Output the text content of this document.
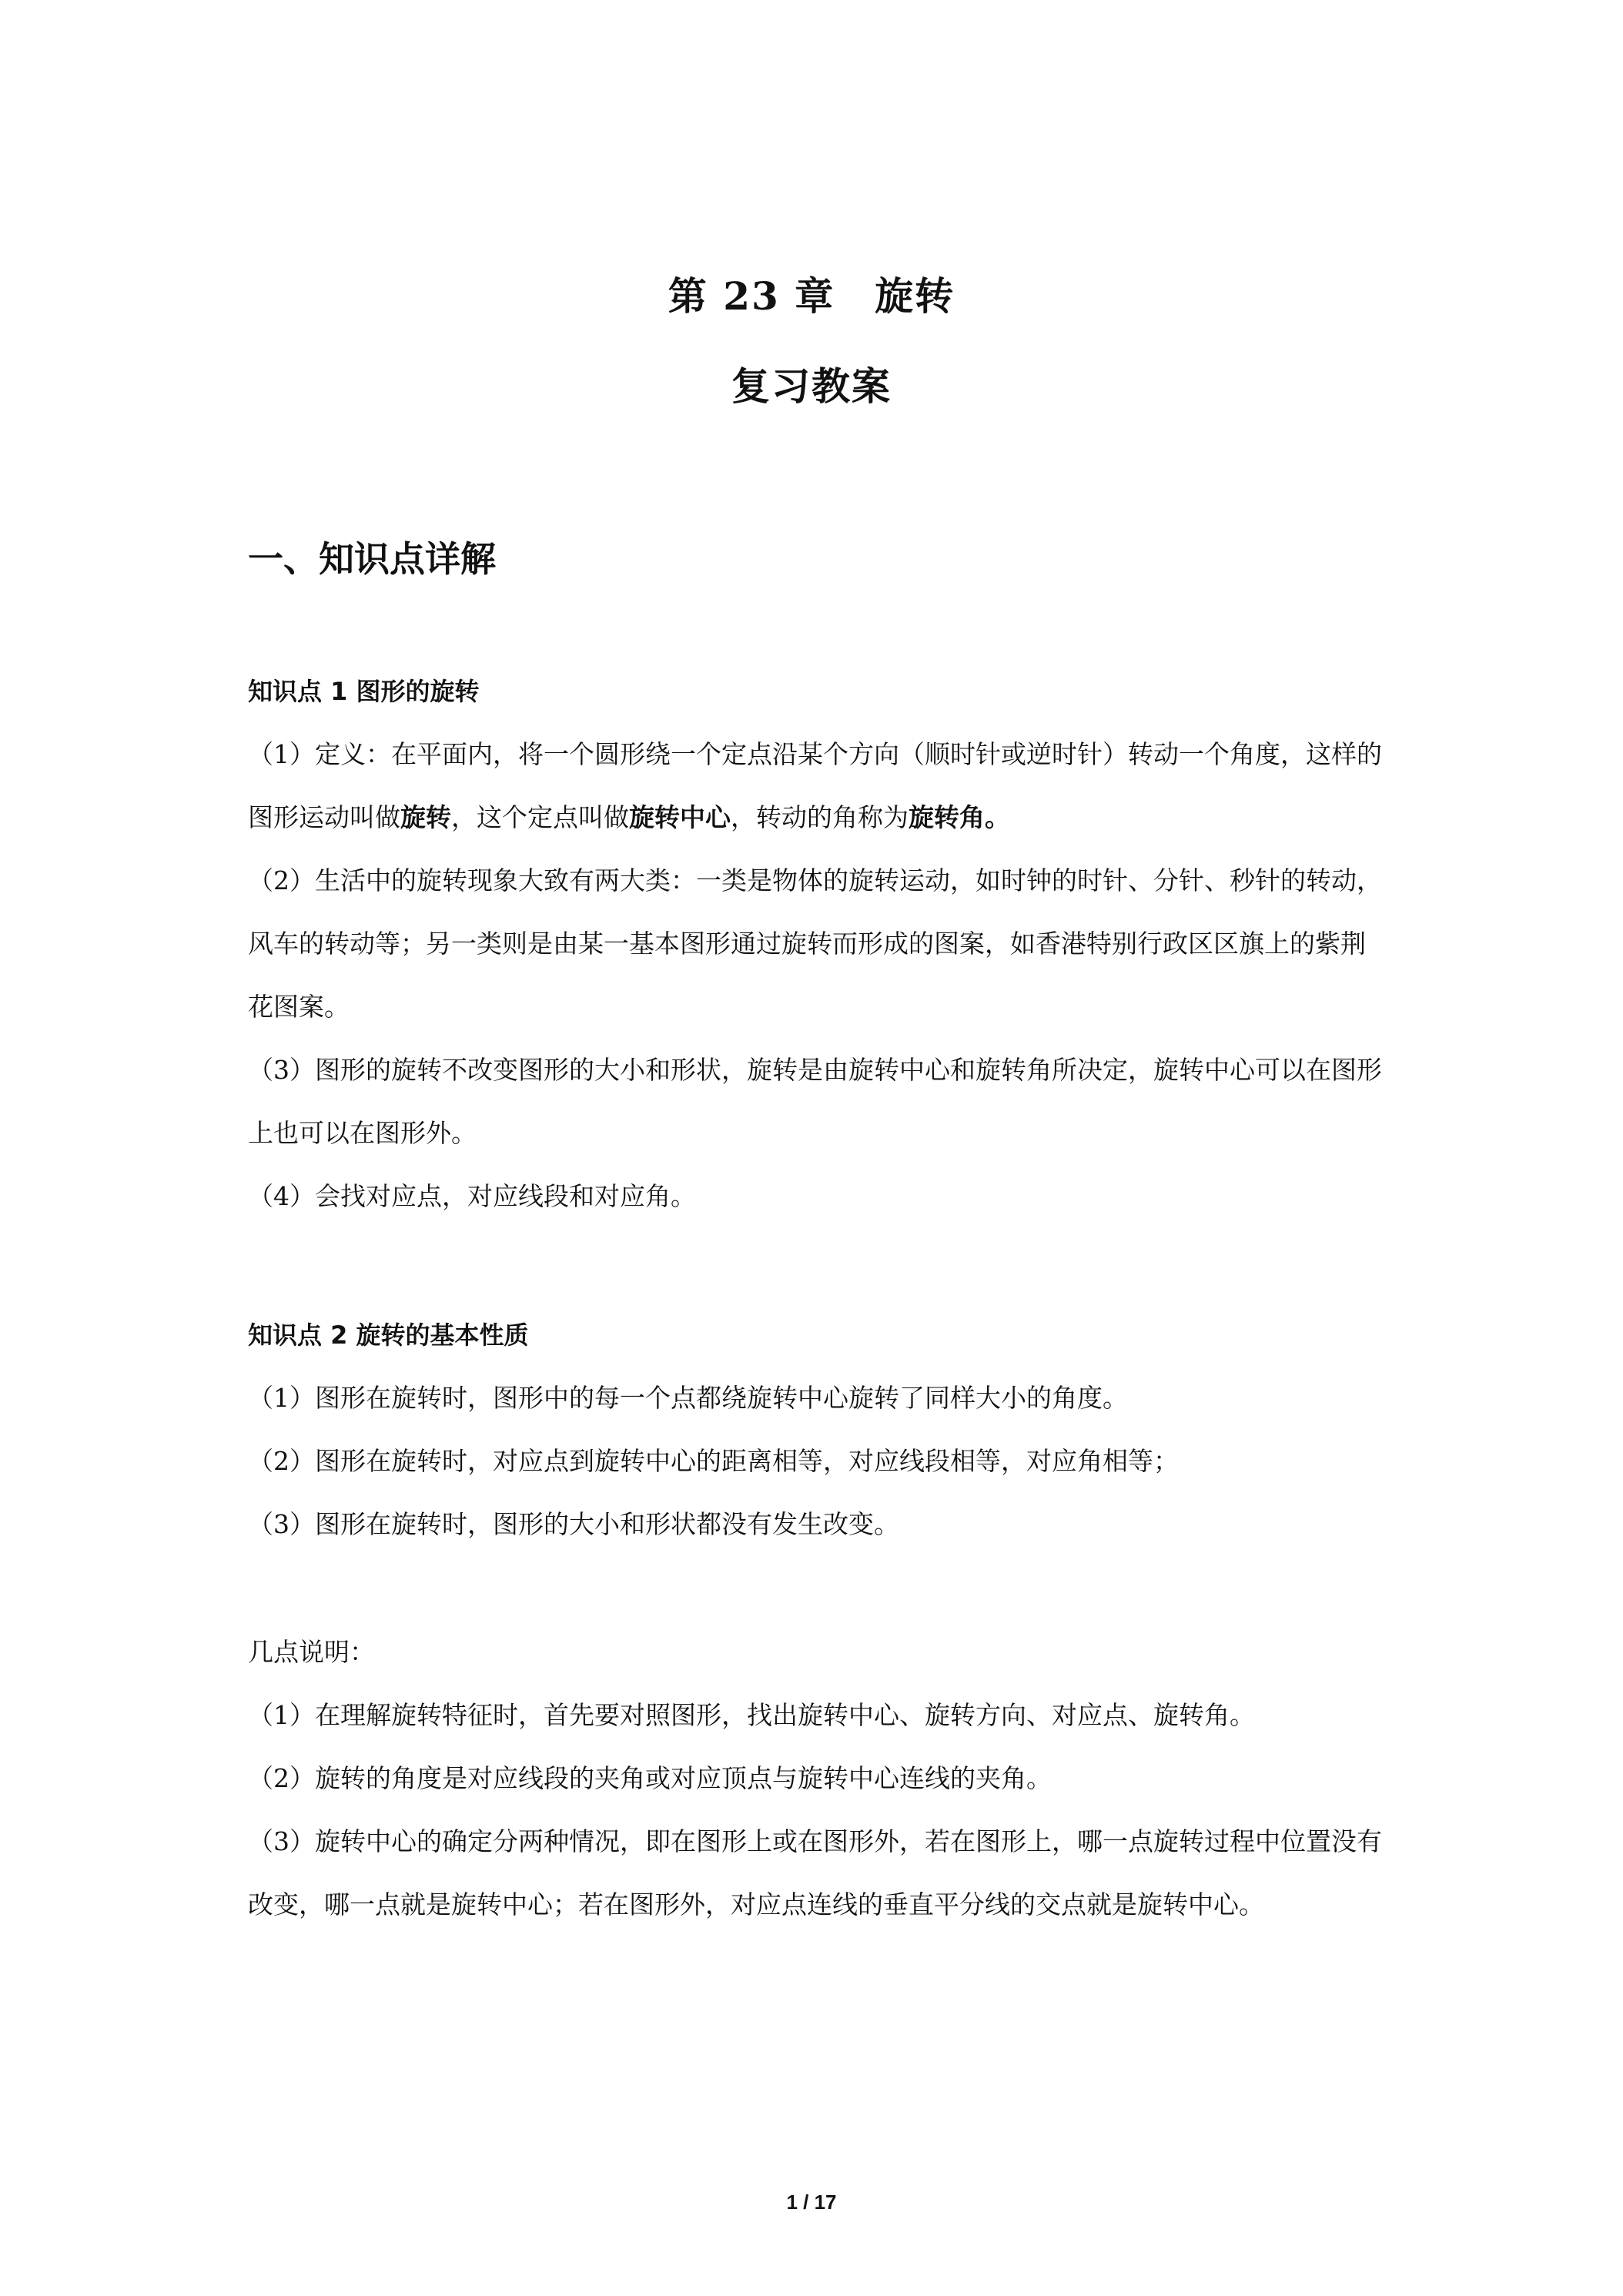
第 23 章　旋转
复习教案
一、知识点详解

知识点 1 图形的旋转

（1）定义：在平面内，将一个圆形绕一个定点沿某个方向（顺时针或逆时针）转动一个角度，这样的图形运动叫做旋转，这个定点叫做旋转中心，转动的角称为旋转角。

（2）生活中的旋转现象大致有两大类：一类是物体的旋转运动，如时钟的时针、分针、秒针的转动，风车的转动等；另一类则是由某一基本图形通过旋转而形成的图案，如香港特别行政区区旗上的紫荆花图案。

（3）图形的旋转不改变图形的大小和形状，旋转是由旋转中心和旋转角所决定，旋转中心可以在图形上也可以在图形外。

（4）会找对应点，对应线段和对应角。

知识点 2 旋转的基本性质

（1）图形在旋转时，图形中的每一个点都绕旋转中心旋转了同样大小的角度。

（2）图形在旋转时，对应点到旋转中心的距离相等，对应线段相等，对应角相等；

（3）图形在旋转时，图形的大小和形状都没有发生改变。

几点说明：

（1）在理解旋转特征时，首先要对照图形，找出旋转中心、旋转方向、对应点、旋转角。

（2）旋转的角度是对应线段的夹角或对应顶点与旋转中心连线的夹角。

（3）旋转中心的确定分两种情况，即在图形上或在图形外，若在图形上，哪一点旋转过程中位置没有改变，哪一点就是旋转中心；若在图形外，对应点连线的垂直平分线的交点就是旋转中心。

1 / 17
